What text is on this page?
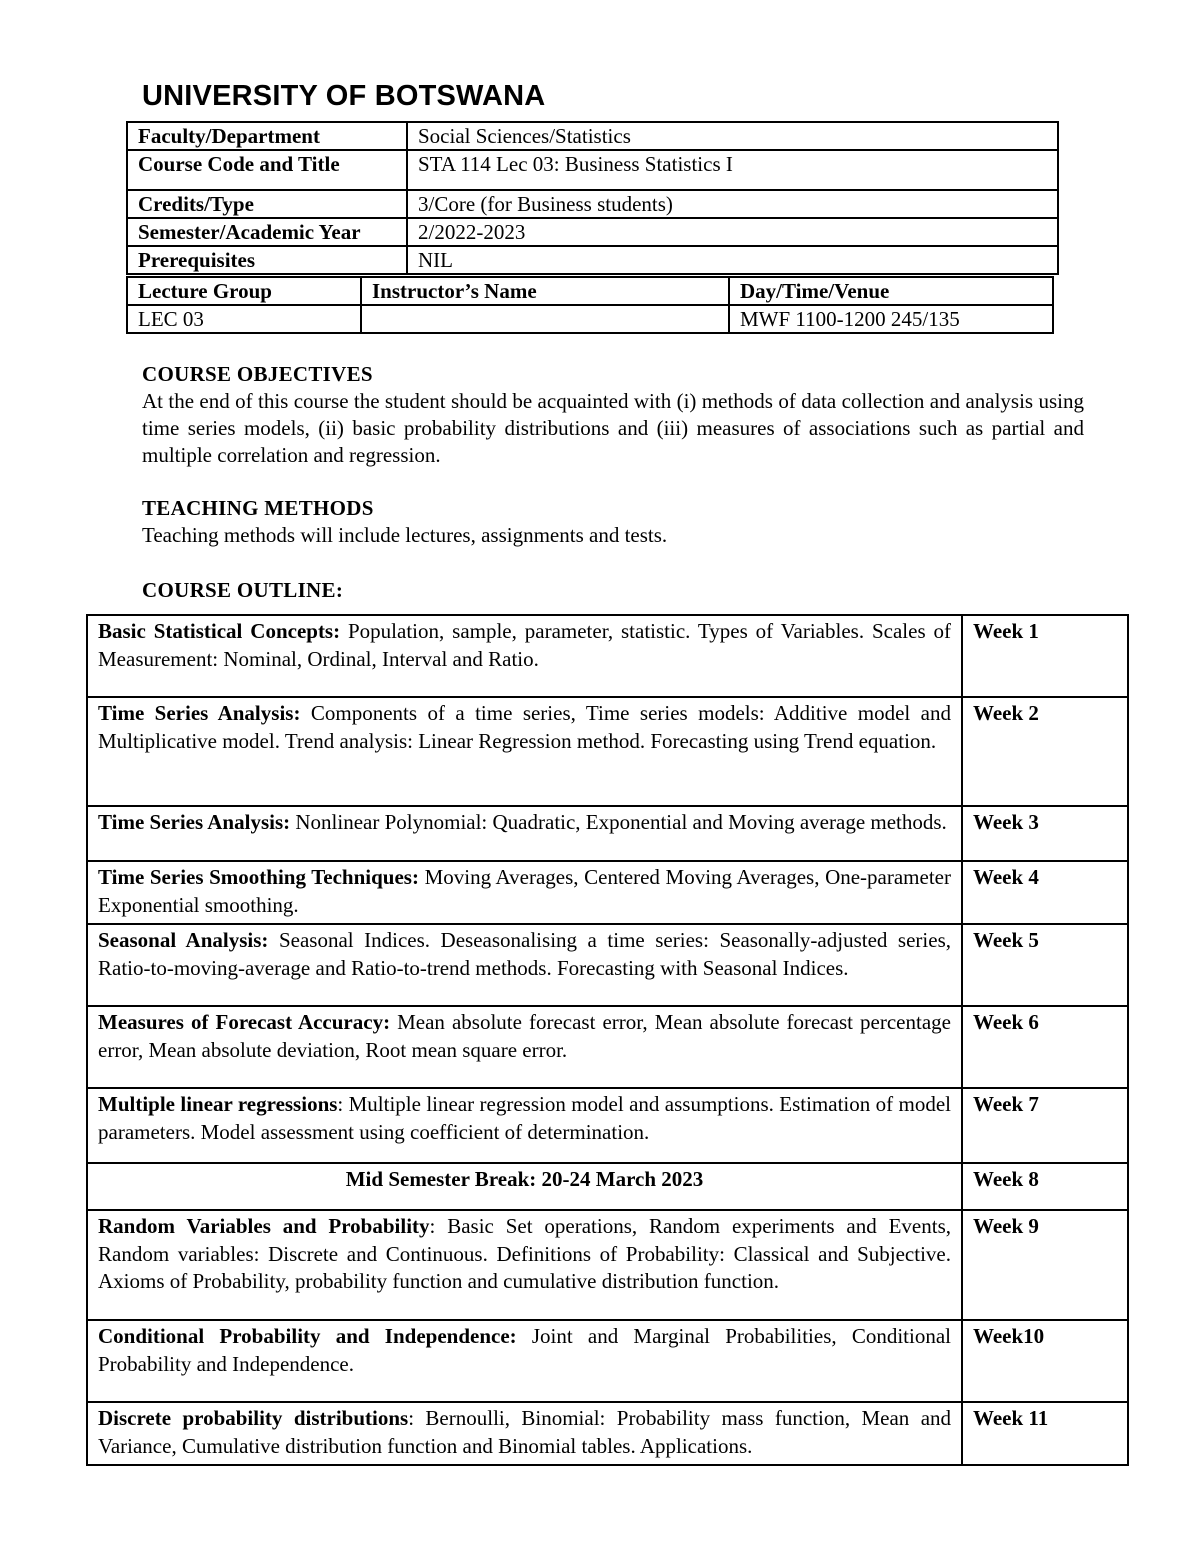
UNIVERSITY OF BOTSWANA
Faculty/Department	Social Sciences/Statistics
Course Code and Title	STA 114 Lec 03: Business Statistics I
Credits/Type	3/Core (for Business students)
Semester/Academic Year	2/2022-2023
Prerequisites	NIL
Lecture Group	Instructor’s Name	Day/Time/Venue
LEC 03		MWF 1100-1200 245/135
COURSE OBJECTIVES

At the end of this course the student should be acquainted with (i) methods of data collection and analysis using time series models, (ii) basic probability distributions and (iii) measures of associations such as partial and multiple correlation and regression.

TEACHING METHODS

Teaching methods will include lectures, assignments and tests.

COURSE OUTLINE:
Basic Statistical Concepts: Population, sample, parameter, statistic. Types of Variables. Scales of Measurement: Nominal, Ordinal, Interval and Ratio.	Week 1
Time Series Analysis: Components of a time series, Time series models: Additive model and Multiplicative model. Trend analysis: Linear Regression method. Forecasting using Trend equation.	Week 2
Time Series Analysis: Nonlinear Polynomial: Quadratic, Exponential and Moving average methods.	Week 3
Time Series Smoothing Techniques: Moving Averages, Centered Moving Averages, One-parameter Exponential smoothing.	Week 4
Seasonal Analysis: Seasonal Indices. Deseasonalising a time series: Seasonally-adjusted series, Ratio-to-moving-average and Ratio-to-trend methods. Forecasting with Seasonal Indices.	Week 5
Measures of Forecast Accuracy: Mean absolute forecast error, Mean absolute forecast percentage error, Mean absolute deviation, Root mean square error.	Week 6
Multiple linear regressions: Multiple linear regression model and assumptions. Estimation of model parameters. Model assessment using coefficient of determination.	Week 7
Mid Semester Break: 20-24 March 2023	Week 8
Random Variables and Probability: Basic Set operations, Random experiments and Events, Random variables: Discrete and Continuous. Definitions of Probability: Classical and Subjective. Axioms of Probability, probability function and cumulative distribution function.	Week 9
Conditional Probability and Independence: Joint and Marginal Probabilities, Conditional Probability and Independence.	Week10
Discrete probability distributions: Bernoulli, Binomial: Probability mass function, Mean and Variance, Cumulative distribution function and Binomial tables. Applications.	Week 11
